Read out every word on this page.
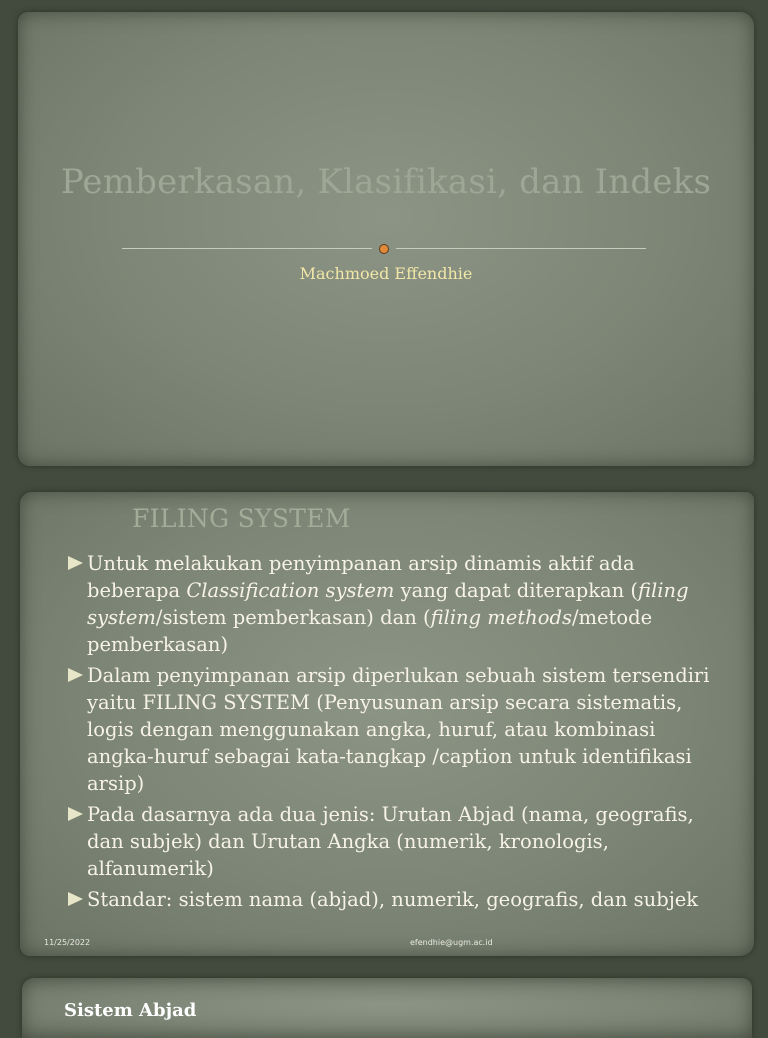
Pemberkasan, Klasifikasi, dan Indeks
Machmoed Effendhie
FILING SYSTEM
Untuk melakukan penyimpanan arsip dinamis aktif ada beberapa Classification system yang dapat diterapkan (filing system/sistem pemberkasan) dan (filing methods/metode pemberkasan)
Dalam penyimpanan arsip diperlukan sebuah sistem tersendiri yaitu FILING SYSTEM (Penyusunan arsip secara sistematis, logis dengan menggunakan angka, huruf, atau kombinasi angka-huruf sebagai kata-tangkap /caption untuk identifikasi arsip)
Pada dasarnya ada dua jenis: Urutan Abjad (nama, geografis, dan subjek) dan Urutan Angka (numerik, kronologis, alfanumerik)
Standar: sistem nama (abjad), numerik, geografis, dan subjek
11/25/2022	efendhie@ugm.ac.id
Sistem Abjad
